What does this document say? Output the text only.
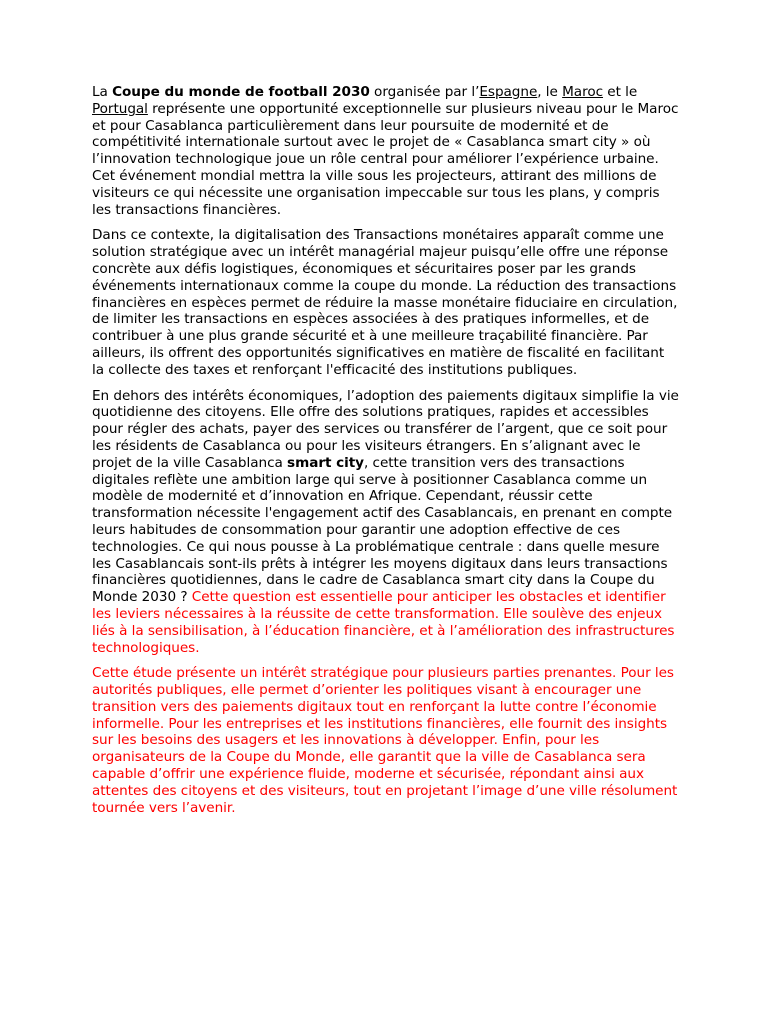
La Coupe du monde de football 2030 organisée par l’Espagne, le Maroc et le Portugal représente une opportunité exceptionnelle sur plusieurs niveau pour le Maroc et pour Casablanca particulièrement dans leur poursuite de modernité et de compétitivité internationale surtout avec le projet de « Casablanca smart city » où l’innovation technologique joue un rôle central pour améliorer l’expérience urbaine. Cet événement mondial mettra la ville sous les projecteurs, attirant des millions de visiteurs ce qui nécessite une organisation impeccable sur tous les plans, y compris les transactions financières.

Dans ce contexte, la digitalisation des Transactions monétaires apparaît comme une solution stratégique avec un intérêt managérial majeur puisqu’elle offre une réponse concrète aux défis logistiques, économiques et sécuritaires poser par les grands événements internationaux comme la coupe du monde. La réduction des transactions financières en espèces permet de réduire la masse monétaire fiduciaire en circulation, de limiter les transactions en espèces associées à des pratiques informelles, et de contribuer à une plus grande sécurité et à une meilleure traçabilité financière. Par ailleurs, ils offrent des opportunités significatives en matière de fiscalité en facilitant la collecte des taxes et renforçant l'efficacité des institutions publiques.

En dehors des intérêts économiques, l’adoption des paiements digitaux simplifie la vie quotidienne des citoyens. Elle offre des solutions pratiques, rapides et accessibles pour régler des achats, payer des services ou transférer de l’argent, que ce soit pour les résidents de Casablanca ou pour les visiteurs étrangers. En s’alignant avec le projet de la ville Casablanca smart city, cette transition vers des transactions digitales reflète une ambition large qui serve à positionner Casablanca comme un modèle de modernité et d’innovation en Afrique. Cependant, réussir cette transformation nécessite l'engagement actif des Casablancais, en prenant en compte leurs habitudes de consommation pour garantir une adoption effective de ces technologies. Ce qui nous pousse à La problématique centrale : dans quelle mesure les Casablancais sont-ils prêts à intégrer les moyens digitaux dans leurs transactions financières quotidiennes, dans le cadre de Casablanca smart city dans la Coupe du Monde 2030 ? Cette question est essentielle pour anticiper les obstacles et identifier les leviers nécessaires à la réussite de cette transformation. Elle soulève des enjeux liés à la sensibilisation, à l’éducation financière, et à l’amélioration des infrastructures technologiques.

Cette étude présente un intérêt stratégique pour plusieurs parties prenantes. Pour les autorités publiques, elle permet d’orienter les politiques visant à encourager une transition vers des paiements digitaux tout en renforçant la lutte contre l’économie informelle. Pour les entreprises et les institutions financières, elle fournit des insights sur les besoins des usagers et les innovations à développer. Enfin, pour les organisateurs de la Coupe du Monde, elle garantit que la ville de Casablanca sera capable d’offrir une expérience fluide, moderne et sécurisée, répondant ainsi aux attentes des citoyens et des visiteurs, tout en projetant l’image d’une ville résolument tournée vers l’avenir.
